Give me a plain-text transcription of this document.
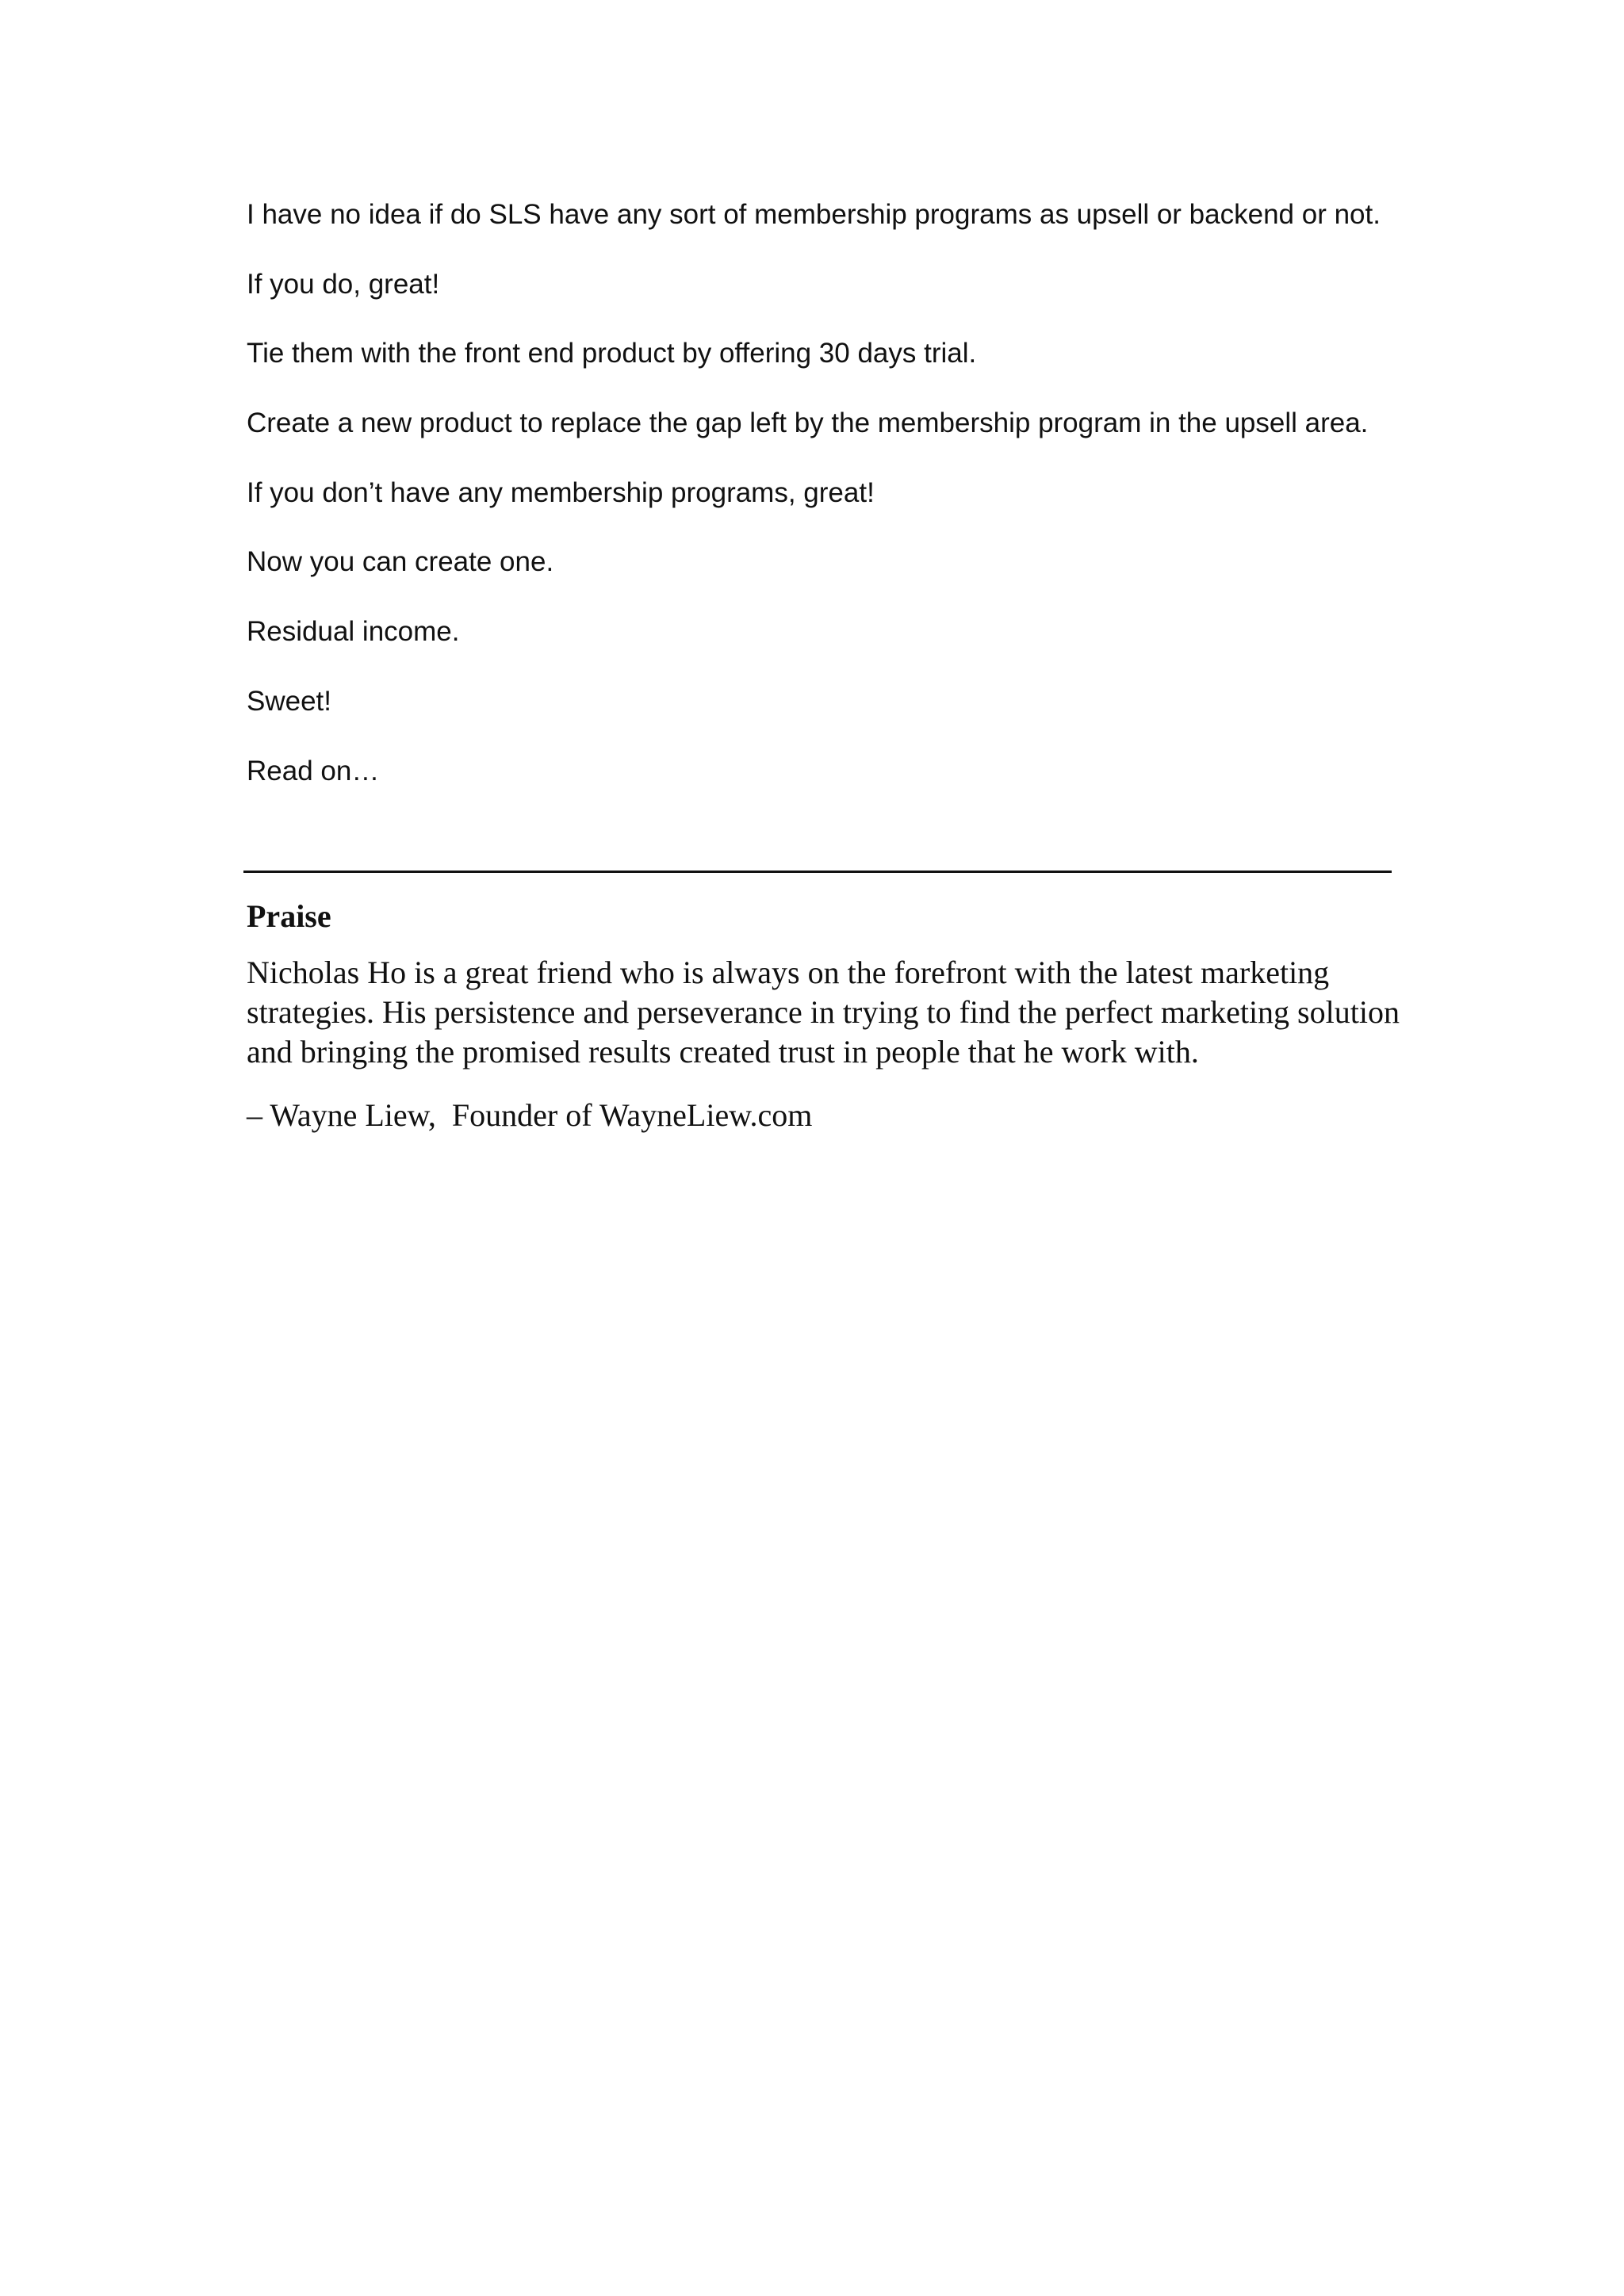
I have no idea if do SLS have any sort of membership programs as upsell or backend or not.

If you do, great!

Tie them with the front end product by offering 30 days trial.

Create a new product to replace the gap left by the membership program in the upsell area.

If you don’t have any membership programs, great!

Now you can create one.

Residual income.

Sweet!

Read on…

Praise

Nicholas Ho is a great friend who is always on the forefront with the latest marketing strategies. His persistence and perseverance in trying to find the perfect marketing solution and bringing the promised results created trust in people that he work with.

– Wayne Liew,  Founder of WayneLiew.com
